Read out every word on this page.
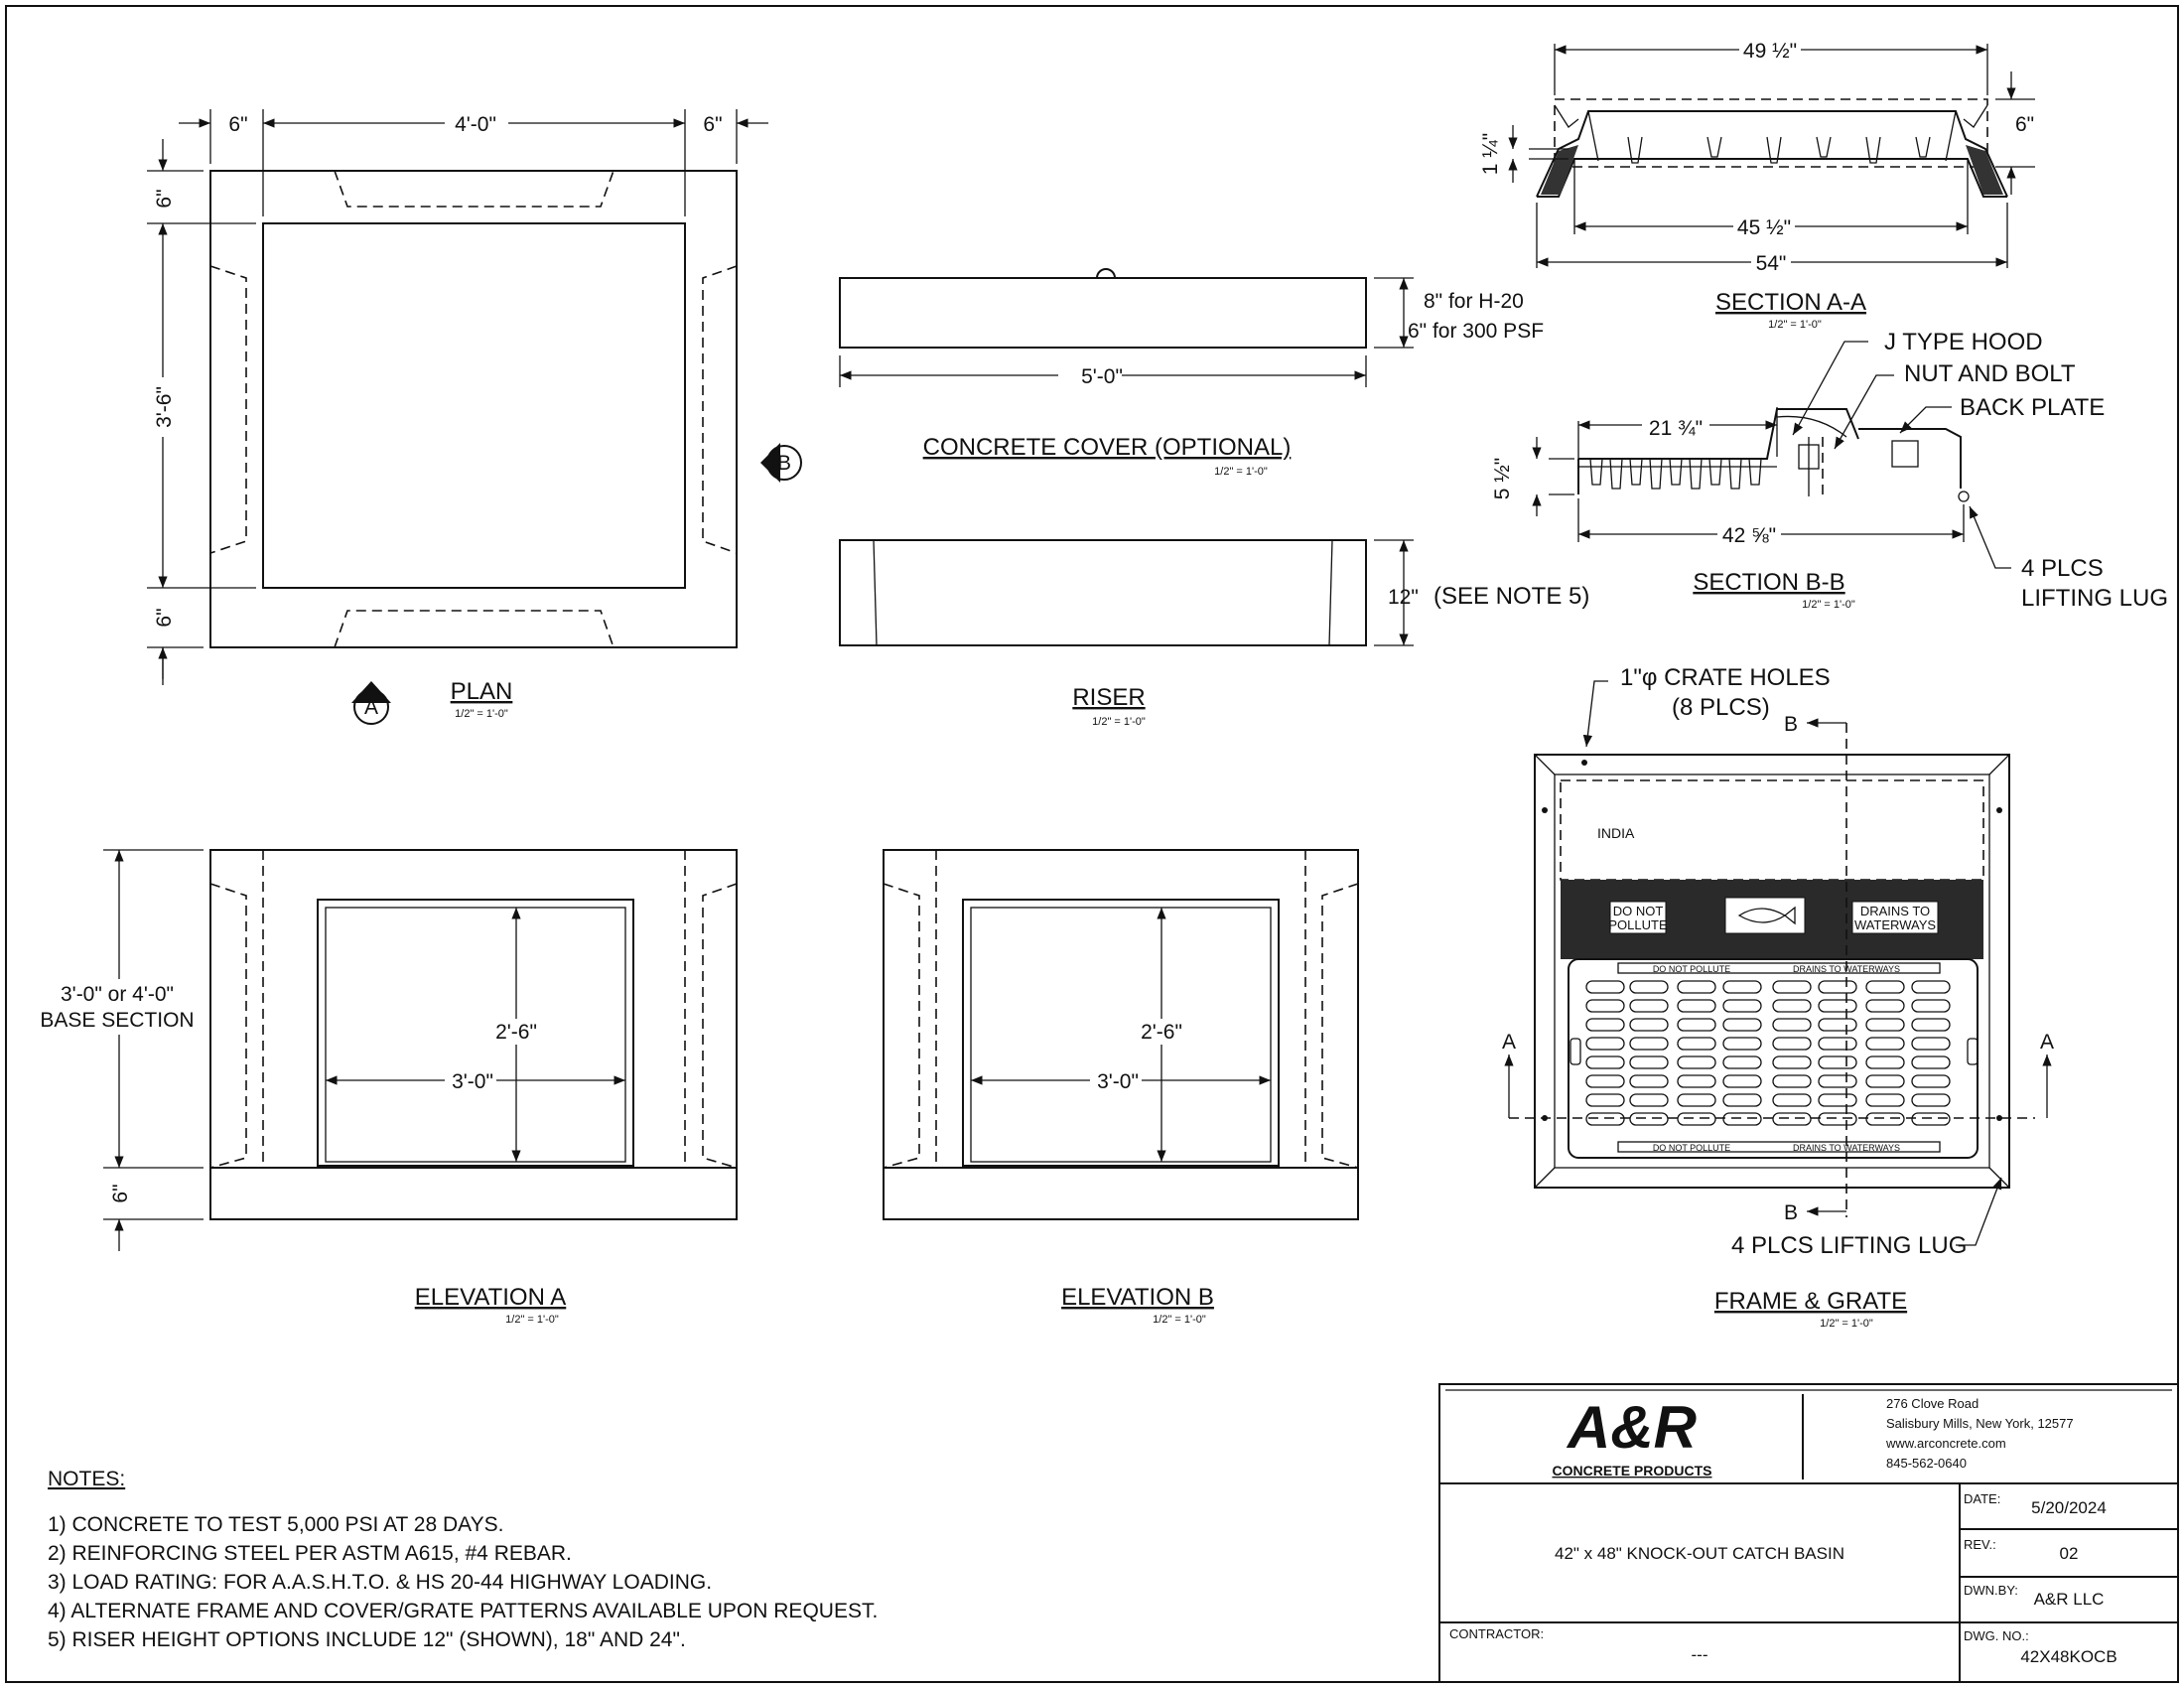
6"	4'-0"	6"
6"
3'-6"
6"
B
A
PLAN
1/2" = 1'-0"
5'-0"
8" for H-20
6" for 300 PSF
CONCRETE COVER (OPTIONAL)
1/2" = 1'-0"
12" (SEE NOTE 5)
RISER
1/2" = 1'-0"
49 ½"
45 ½"
54"
1 ¼"
6"
SECTION A-A
1/2" = 1'-0"
21 ¾"
5 ½"
42 ⅝"
J TYPE HOOD
NUT AND BOLT
BACK PLATE
4 PLCS
LIFTING LUG
SECTION B-B
1/2" = 1'-0"
INDIA
DO NOT
POLLUTE
DRAINS TO
WATERWAYS
DO NOT POLLUTE	DRAINS TO WATERWAYS
DO NOT POLLUTE	DRAINS TO WATERWAYS
1"φ CRATE HOLES
(8 PLCS)
B
B
A	A
4 PLCS LIFTING LUG
FRAME & GRATE
1/2" = 1'-0"
3'-0" or 4'-0"
BASE SECTION
2'-6"
3'-0"
6"
ELEVATION A
1/2" = 1'-0"
2'-6"
3'-0"
ELEVATION B
1/2" = 1'-0"
NOTES:
1) CONCRETE TO TEST 5,000 PSI AT 28 DAYS.
2) REINFORCING STEEL PER ASTM A615, #4 REBAR.
3) LOAD RATING: FOR A.A.S.H.T.O. & HS 20-44 HIGHWAY LOADING.
4) ALTERNATE FRAME AND COVER/GRATE PATTERNS AVAILABLE UPON REQUEST.
5) RISER HEIGHT OPTIONS INCLUDE 12" (SHOWN), 18" AND 24".
A&R
CONCRETE PRODUCTS
276 Clove Road
Salisbury Mills, New York, 12577
www.arconcrete.com
845-562-0640
42" x 48" KNOCK-OUT CATCH BASIN
DATE: 5/20/2024
REV.:	02
DWN.BY: A&R LLC
CONTRACTOR:
---
DWG. NO.:
42X48KOCB
